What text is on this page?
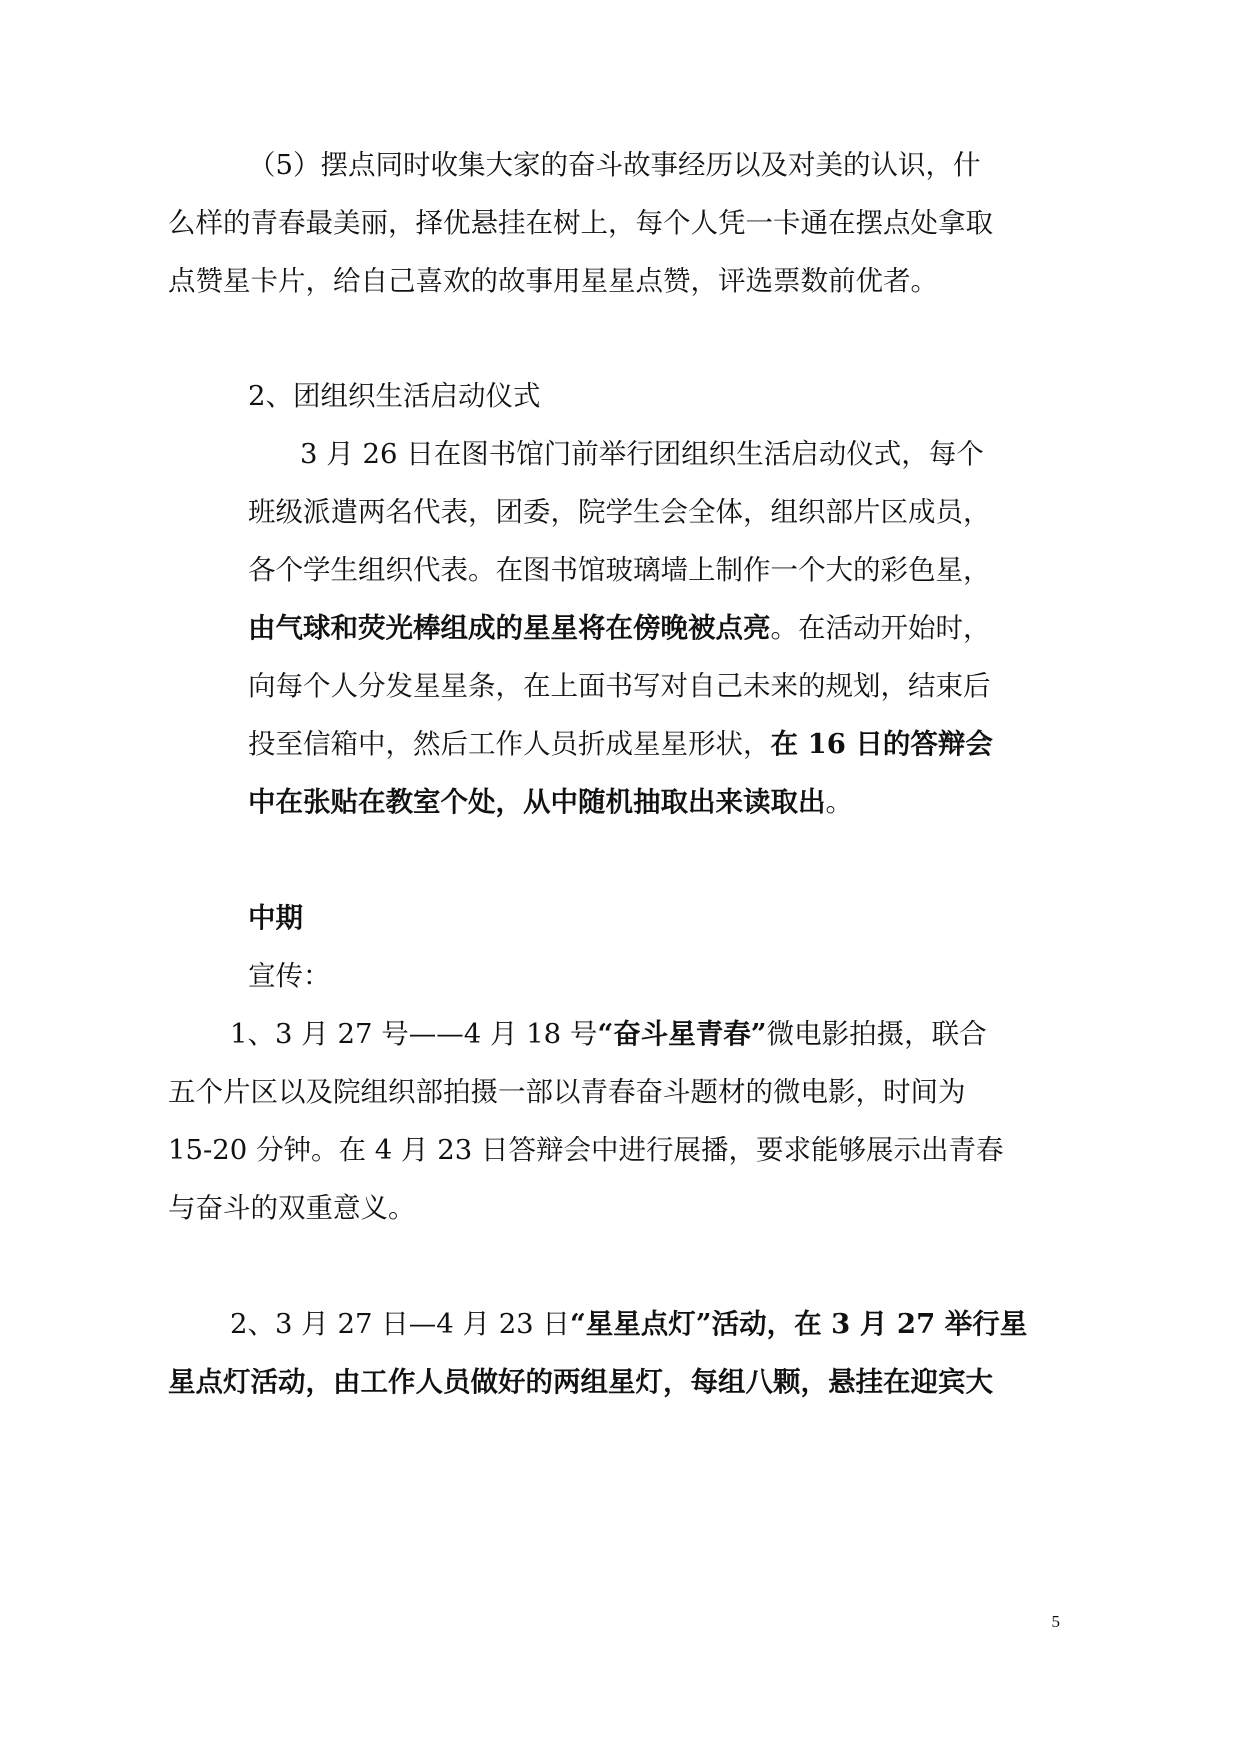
（5）摆点同时收集大家的奋斗故事经历以及对美的认识，什

么样的青春最美丽，择优悬挂在树上，每个人凭一卡通在摆点处拿取

点赞星卡片，给自己喜欢的故事用星星点赞，评选票数前优者。

2、团组织生活启动仪式

3 月 26 日在图书馆门前举行团组织生活启动仪式，每个

班级派遣两名代表，团委，院学生会全体，组织部片区成员，

各个学生组织代表。在图书馆玻璃墙上制作一个大的彩色星，

由气球和荧光棒组成的星星将在傍晚被点亮。在活动开始时，

向每个人分发星星条，在上面书写对自己未来的规划，结束后

投至信箱中，然后工作人员折成星星形状，在 16 日的答辩会

中在张贴在教室个处，从中随机抽取出来读取出。

中期

宣传：

1、3 月 27 号——4 月 18 号“奋斗星青春”微电影拍摄，联合

五个片区以及院组织部拍摄一部以青春奋斗题材的微电影，时间为

15-20 分钟。在 4 月 23 日答辩会中进行展播，要求能够展示出青春

与奋斗的双重意义。

2、3 月 27 日—4 月 23 日“星星点灯”活动，在 3 月 27 举行星

星点灯活动，由工作人员做好的两组星灯，每组八颗，悬挂在迎宾大

5
